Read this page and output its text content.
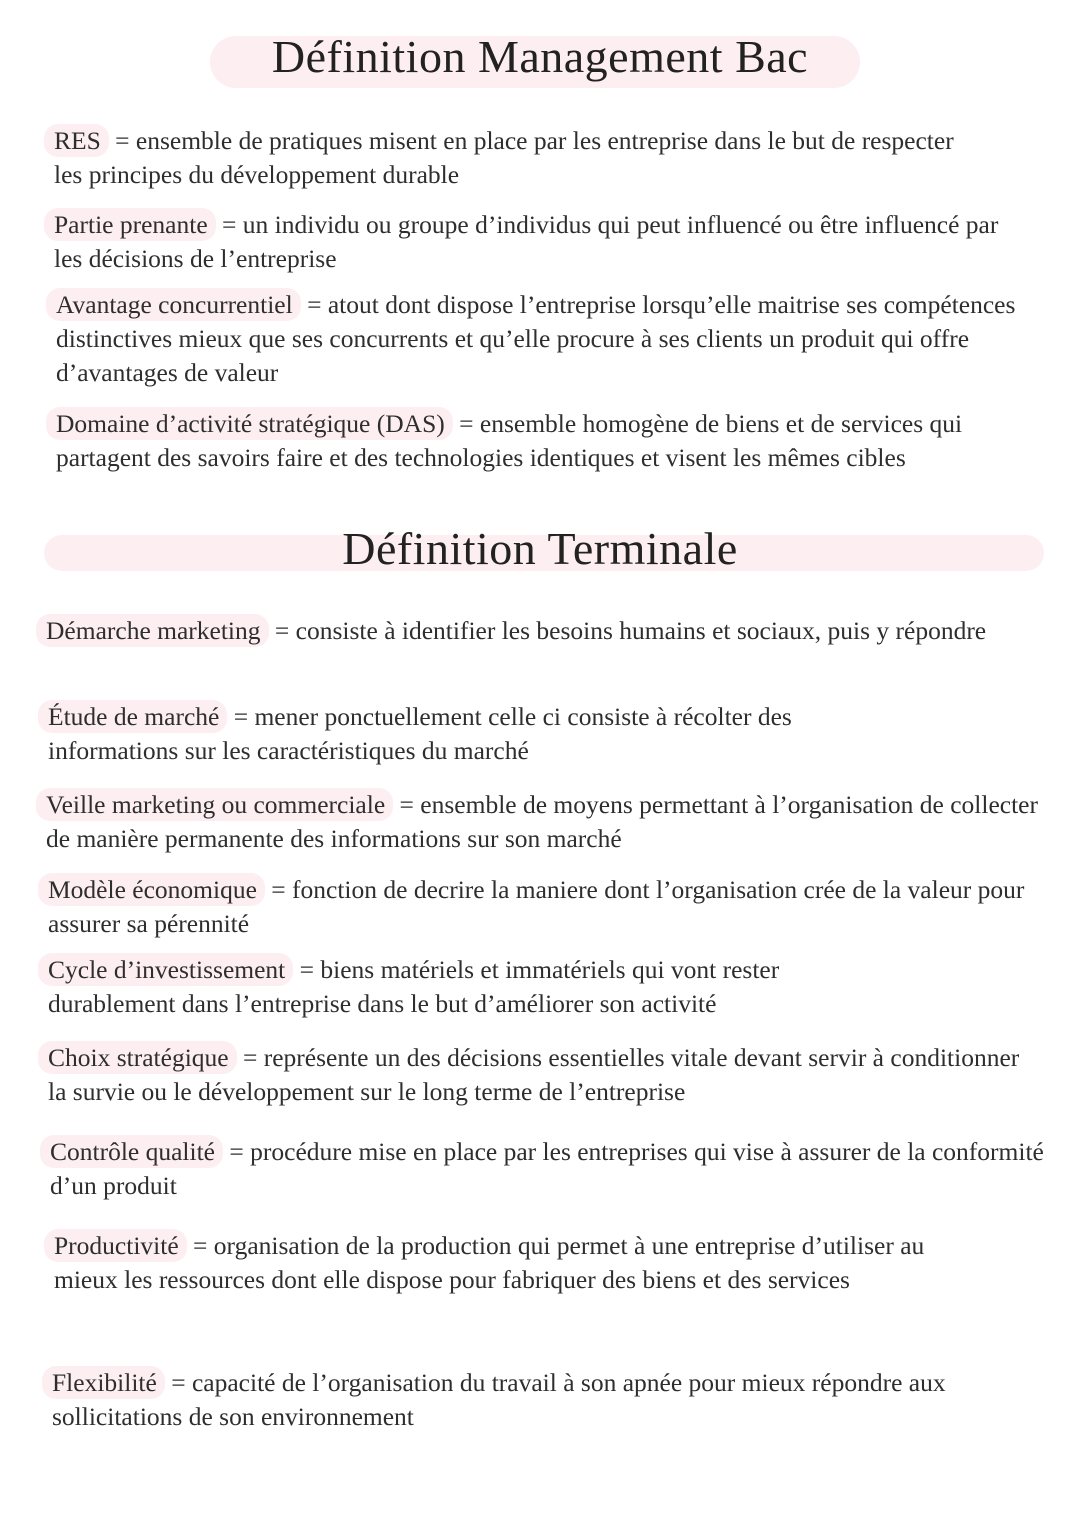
Définition Management Bac
RES = ensemble de pratiques misent en place par les entreprise dans le but de respecter les principes du développement durable
Partie prenante = un individu ou groupe d’individus qui peut influencé ou être influencé par les décisions de l’entreprise
Avantage concurrentiel = atout dont dispose l’entreprise lorsqu’elle maitrise ses compétences distinctives mieux que ses concurrents et qu’elle procure à ses clients un produit qui offre d’avantages de valeur
Domaine d’activité stratégique (DAS) = ensemble homogène de biens et de services qui partagent des savoirs faire et des technologies identiques et visent les mêmes cibles
Définition Terminale
Démarche marketing = consiste à identifier les besoins humains et sociaux, puis y répondre
Étude de marché = mener ponctuellement celle ci consiste à récolter des informations sur les caractéristiques du marché
Veille marketing ou commerciale = ensemble de moyens permettant à l’organisation de collecter de manière permanente des informations sur son marché
Modèle économique = fonction de decrire la maniere dont l’organisation crée de la valeur pour assurer sa pérennité
Cycle d’investissement = biens matériels et immatériels qui vont rester durablement dans l’entreprise dans le but d’améliorer son activité
Choix stratégique = représente un des décisions essentielles vitale devant servir à conditionner la survie ou le développement sur le long terme de l’entreprise
Contrôle qualité = procédure mise en place par les entreprises qui vise à assurer de la conformité d’un produit
Productivité = organisation de la production qui permet à une entreprise d’utiliser au mieux les ressources dont elle dispose pour fabriquer des biens et des services
Flexibilité = capacité de l’organisation du travail à son apnée pour mieux répondre aux sollicitations de son environnement
